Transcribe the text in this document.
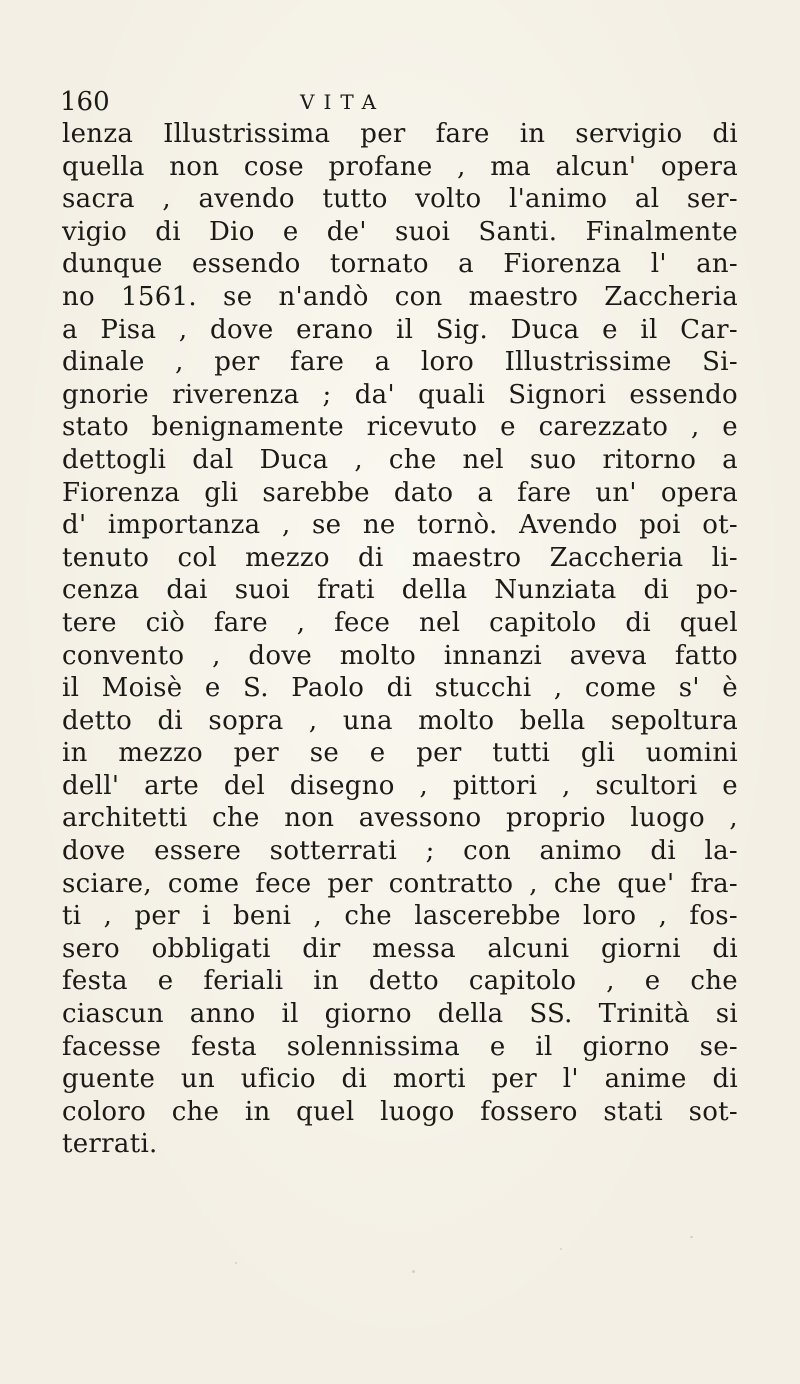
160	VITA
lenza Illustrissima per fare in servigio di
quella non cose profane , ma alcun' opera
sacra , avendo tutto volto l'animo al ser-
vigio di Dio e de' suoi Santi. Finalmente
dunque essendo tornato a Fiorenza l' an-
no 1561. se n'andò con maestro Zaccheria
a Pisa , dove erano il Sig. Duca e il Car-
dinale , per fare a loro Illustrissime Si-
gnorie riverenza ; da' quali Signori essendo
stato benignamente ricevuto e carezzato , e
dettogli dal Duca , che nel suo ritorno a
Fiorenza gli sarebbe dato a fare un' opera
d' importanza , se ne tornò. Avendo poi ot-
tenuto col mezzo di maestro Zaccheria li-
cenza dai suoi frati della Nunziata di po-
tere ciò fare , fece nel capitolo di quel
convento , dove molto innanzi aveva fatto
il Moisè e S. Paolo di stucchi , come s' è
detto di sopra , una molto bella sepoltura
in mezzo per se e per tutti gli uomini
dell' arte del disegno , pittori , scultori e
architetti che non avessono proprio luogo ,
dove essere sotterrati ; con animo di la-
sciare, come fece per contratto , che que' fra-
ti , per i beni , che lascerebbe loro , fos-
sero obbligati dir messa alcuni giorni di
festa e feriali in detto capitolo , e che
ciascun anno il giorno della SS. Trinità si
facesse festa solennissima e il giorno se-
guente un uficio di morti per l' anime di
coloro che in quel luogo fossero stati sot-
terrati.
